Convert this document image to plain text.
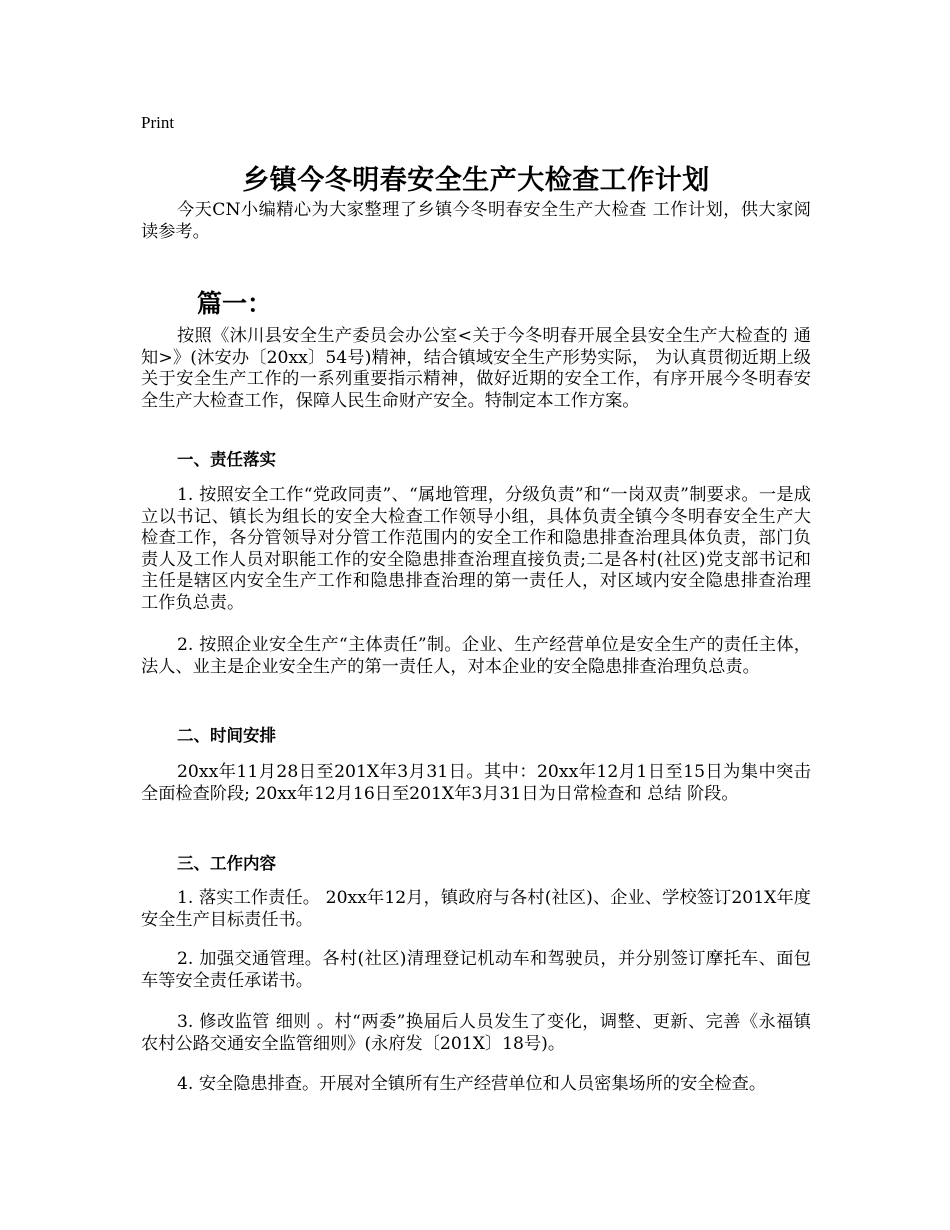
Print
乡镇今冬明春安全生产大检查工作计划

今天CN小编精心为大家整理了乡镇今冬明春安全生产大检查 工作计划，供大家阅读参考。

篇一：

按照《沐川县安全生产委员会办公室<关于今冬明春开展全县安全生产大检查的 通知>》(沐安办〔20xx〕54号)精神，结合镇域安全生产形势实际， 为认真贯彻近期上级关于安全生产工作的一系列重要指示精神，做好近期的安全工作，有序开展今冬明春安全生产大检查工作，保障人民生命财产安全。特制定本工作方案。

一、责任落实

1. 按照安全工作“党政同责”、“属地管理，分级负责”和“一岗双责”制要求。一是成立以书记、镇长为组长的安全大检查工作领导小组，具体负责全镇今冬明春安全生产大检查工作，各分管领导对分管工作范围内的安全工作和隐患排查治理具体负责，部门负责人及工作人员对职能工作的安全隐患排查治理直接负责;二是各村(社区)党支部书记和主任是辖区内安全生产工作和隐患排查治理的第一责任人，对区域内安全隐患排查治理工作负总责。

2. 按照企业安全生产“主体责任”制。企业、生产经营单位是安全生产的责任主体，法人、业主是企业安全生产的第一责任人，对本企业的安全隐患排查治理负总责。

二、时间安排

20xx年11月28日至201X年3月31日。其中：20xx年12月1日至15日为集中突击全面检查阶段; 20xx年12月16日至201X年3月31日为日常检查和 总结 阶段。

三、工作内容

1. 落实工作责任。 20xx年12月，镇政府与各村(社区)、企业、学校签订201X年度安全生产目标责任书。

2. 加强交通管理。各村(社区)清理登记机动车和驾驶员，并分别签订摩托车、面包车等安全责任承诺书。

3. 修改监管 细则 。村“两委”换届后人员发生了变化，调整、更新、完善《永福镇农村公路交通安全监管细则》(永府发〔201X〕18号)。

4. 安全隐患排查。开展对全镇所有生产经营单位和人员密集场所的安全检查。
